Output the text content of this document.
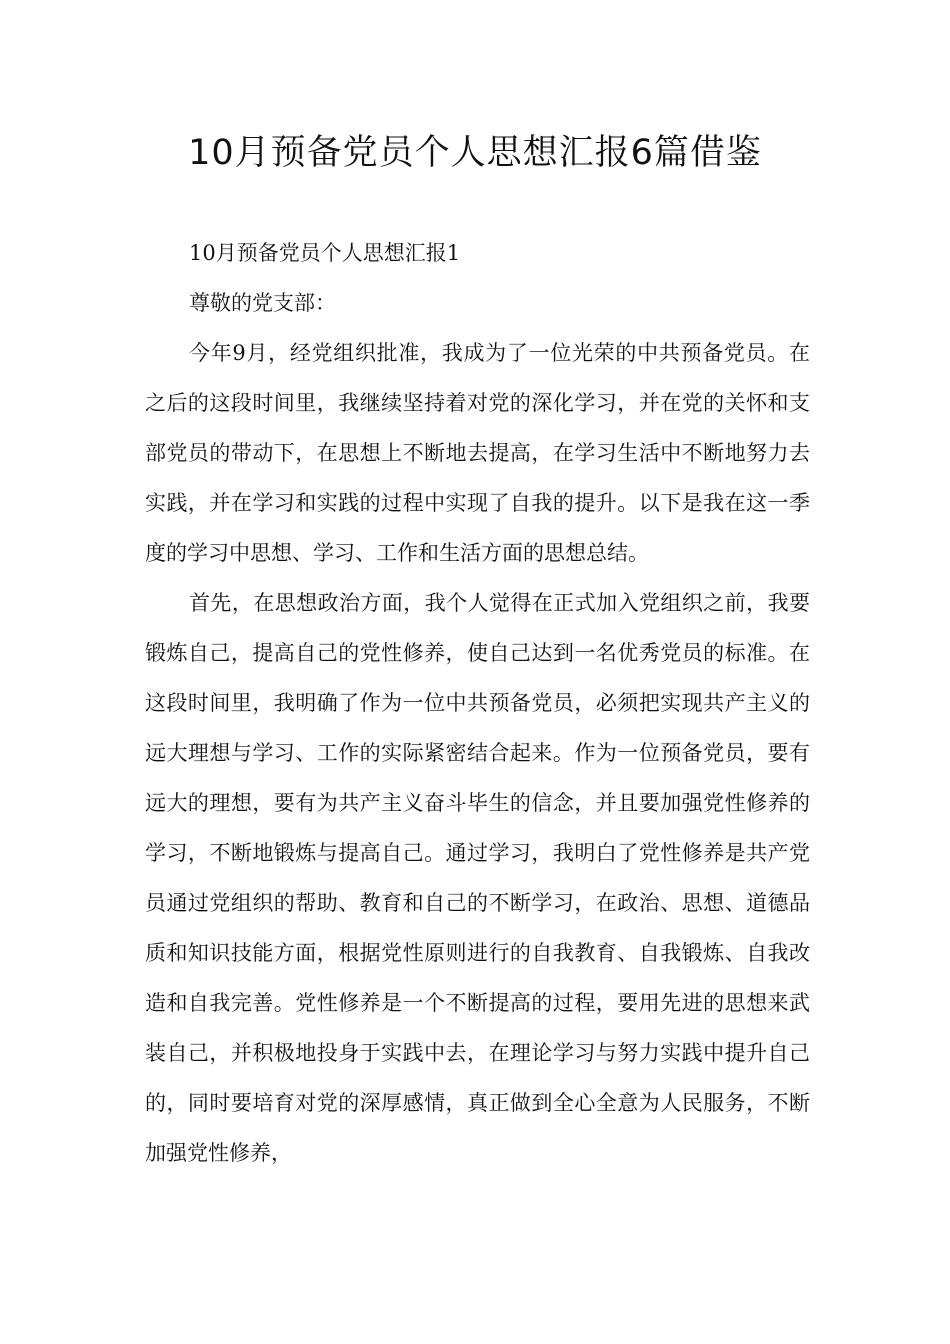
10月预备党员个人思想汇报6篇借鉴

10月预备党员个人思想汇报1

尊敬的党支部：

今年9月，经党组织批准，我成为了一位光荣的中共预备党员。在之后的这段时间里，我继续坚持着对党的深化学习，并在党的关怀和支部党员的带动下，在思想上不断地去提高，在学习生活中不断地努力去实践，并在学习和实践的过程中实现了自我的提升。以下是我在这一季度的学习中思想、学习、工作和生活方面的思想总结。

首先，在思想政治方面，我个人觉得在正式加入党组织之前，我要锻炼自己，提高自己的党性修养，使自己达到一名优秀党员的标准。在这段时间里，我明确了作为一位中共预备党员，必须把实现共产主义的远大理想与学习、工作的实际紧密结合起来。作为一位预备党员，要有远大的理想，要有为共产主义奋斗毕生的信念，并且要加强党性修养的学习，不断地锻炼与提高自己。通过学习，我明白了党性修养是共产党员通过党组织的帮助、教育和自己的不断学习，在政治、思想、道德品质和知识技能方面，根据党性原则进行的自我教育、自我锻炼、自我改造和自我完善。党性修养是一个不断提高的过程，要用先进的思想来武装自己，并积极地投身于实践中去，在理论学习与努力实践中提升自己的，同时要培育对党的深厚感情，真正做到全心全意为人民服务，不断加强党性修养，
